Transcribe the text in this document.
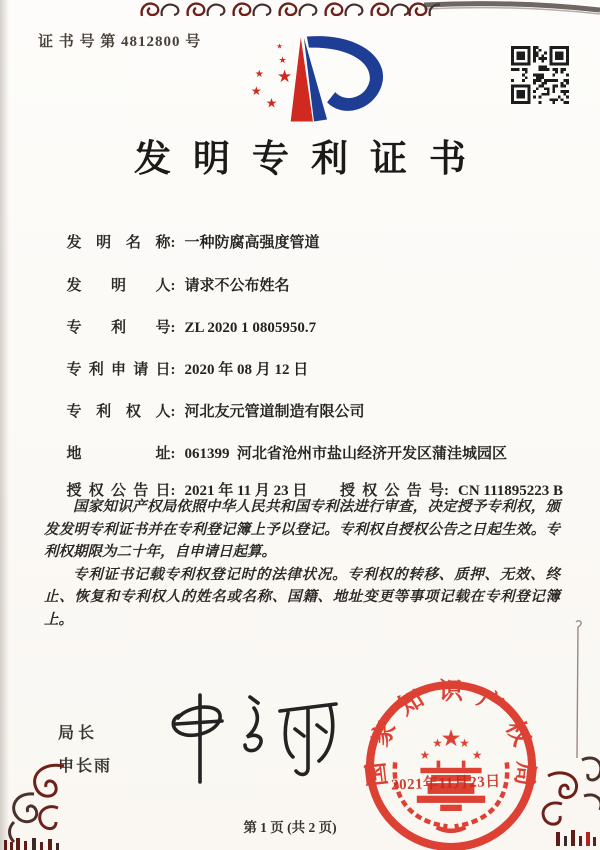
证 书 号 第 4812800 号
★
★
★
★
★
★
发明专利证书

发明名称: 一种防腐高强度管道

发明人: 请求不公布姓名

专利号: ZL 2020 1 0805950.7

专利申请日: 2020 年 08 月 12 日

专利权人: 河北友元管道制造有限公司

地址: 061399  河北省沧州市盐山经济开发区蒲洼城园区

授权公告日: 2021 年 11 月 23 日
	授权公告号: CN 111895223 B

国家知识产权局依照中华人民共和国专利法进行审查，决定授予专利权，颁发发明专利证书并在专利登记簿上予以登记。专利权自授权公告之日起生效。专利权期限为二十年，自申请日起算。

专利证书记载专利权登记时的法律状况。专利权的转移、质押、无效、终止、恢复和专利权人的姓名或名称、国籍、地址变更等事项记载在专利登记簿上。

局长
申长雨	国家知识产权局
★
★
★ ★
★
2021年11月23日
第 1 页 (共 2 页)
